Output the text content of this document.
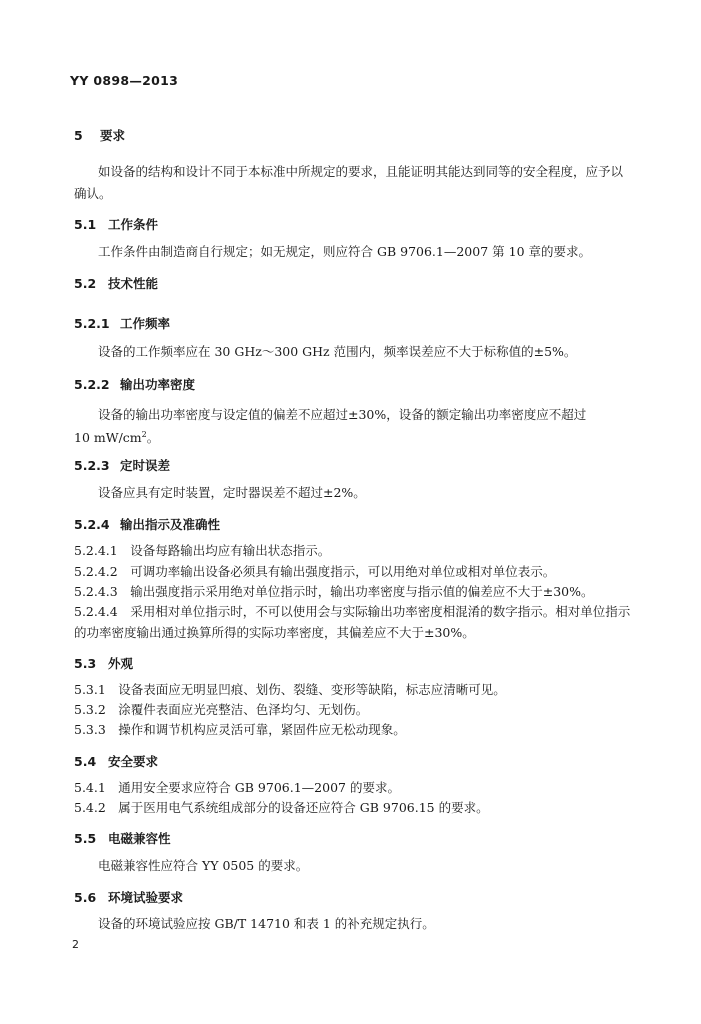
YY 0898—2013
5 要求
如设备的结构和设计不同于本标准中所规定的要求，且能证明其能达到同等的安全程度，应予以
确认。
5.1 工作条件
工作条件由制造商自行规定；如无规定，则应符合 GB 9706.1—2007 第 10 章的要求。
5.2 技术性能
5.2.1 工作频率
设备的工作频率应在 30 GHz～300 GHz 范围内，频率误差应不大于标称值的±5%。
5.2.2 输出功率密度
设备的输出功率密度与设定值的偏差不应超过±30%，设备的额定输出功率密度应不超过
10 $mW/cm^2$。
5.2.3 定时误差
设备应具有定时装置，定时器误差不超过±2%。
5.2.4 输出指示及准确性
5.2.4.1　设备每路输出均应有输出状态指示。
5.2.4.2　可调功率输出设备必须具有输出强度指示，可以用绝对单位或相对单位表示。
5.2.4.3　输出强度指示采用绝对单位指示时，输出功率密度与指示值的偏差应不大于±30%。
5.2.4.4　采用相对单位指示时，不可以使用会与实际输出功率密度相混淆的数字指示。相对单位指示
的功率密度输出通过换算所得的实际功率密度，其偏差应不大于±30%。
5.3 外观
5.3.1　设备表面应无明显凹痕、划伤、裂缝、变形等缺陷，标志应清晰可见。
5.3.2　涂覆件表面应光亮整洁、色泽均匀、无划伤。
5.3.3　操作和调节机构应灵活可靠，紧固件应无松动现象。
5.4 安全要求
5.4.1　通用安全要求应符合 GB 9706.1—2007 的要求。
5.4.2　属于医用电气系统组成部分的设备还应符合 GB 9706.15 的要求。
5.5 电磁兼容性
电磁兼容性应符合 YY 0505 的要求。
5.6 环境试验要求
设备的环境试验应按 GB/T 14710 和表 1 的补充规定执行。
2
